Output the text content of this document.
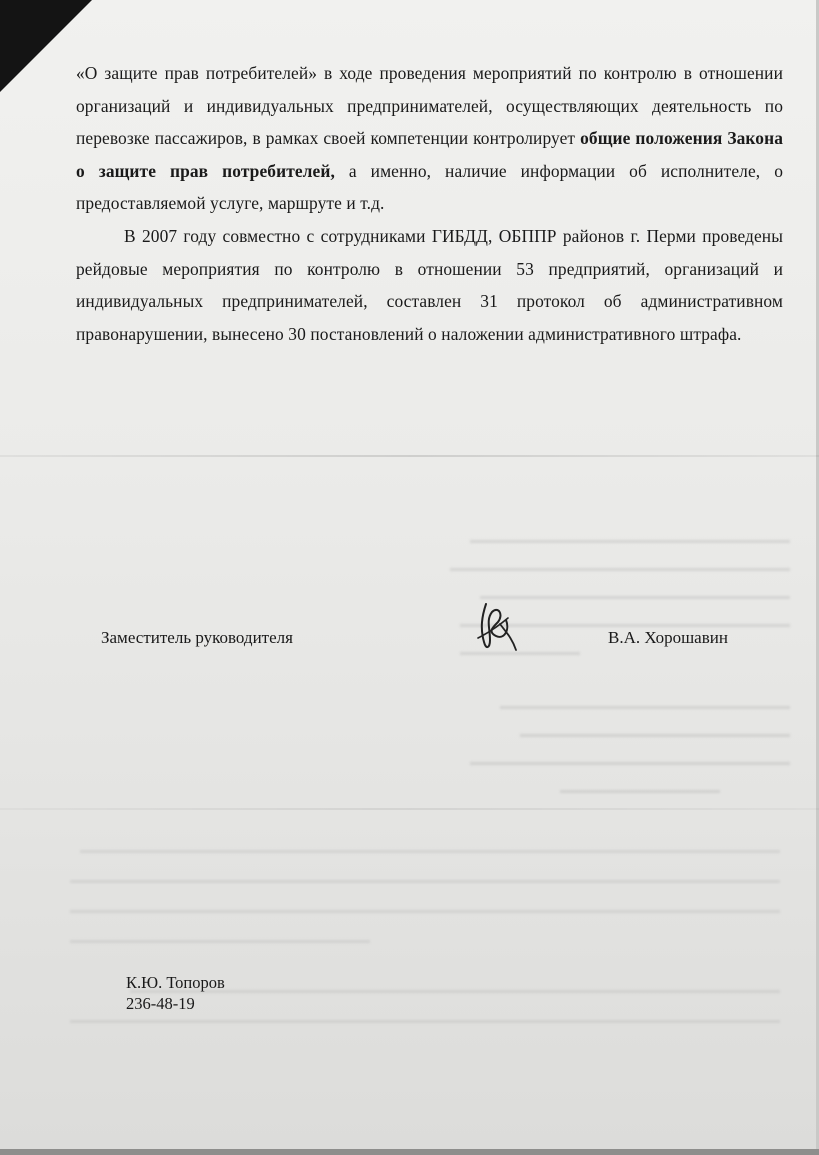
«О защите прав потребителей» в ходе проведения мероприятий по контролю в отношении организаций и индивидуальных предпринимателей, осуществляющих деятельность по перевозке пассажиров, в рамках своей компетенции контролирует общие положения Закона о защите прав потребителей, а именно, наличие информации об исполнителе, о предоставляемой услуге, маршруте и т.д.

В 2007 году совместно с сотрудниками ГИБДД, ОБППР районов г. Перми проведены рейдовые мероприятия по контролю в отношении 53 предприятий, организаций и индивидуальных предпринимателей, составлен 31 протокол об административном правонарушении, вынесено 30 постановлений о наложении административного штрафа.

Заместитель руководителя	В.А. Хорошавин
К.Ю. Топоров
236-48-19
